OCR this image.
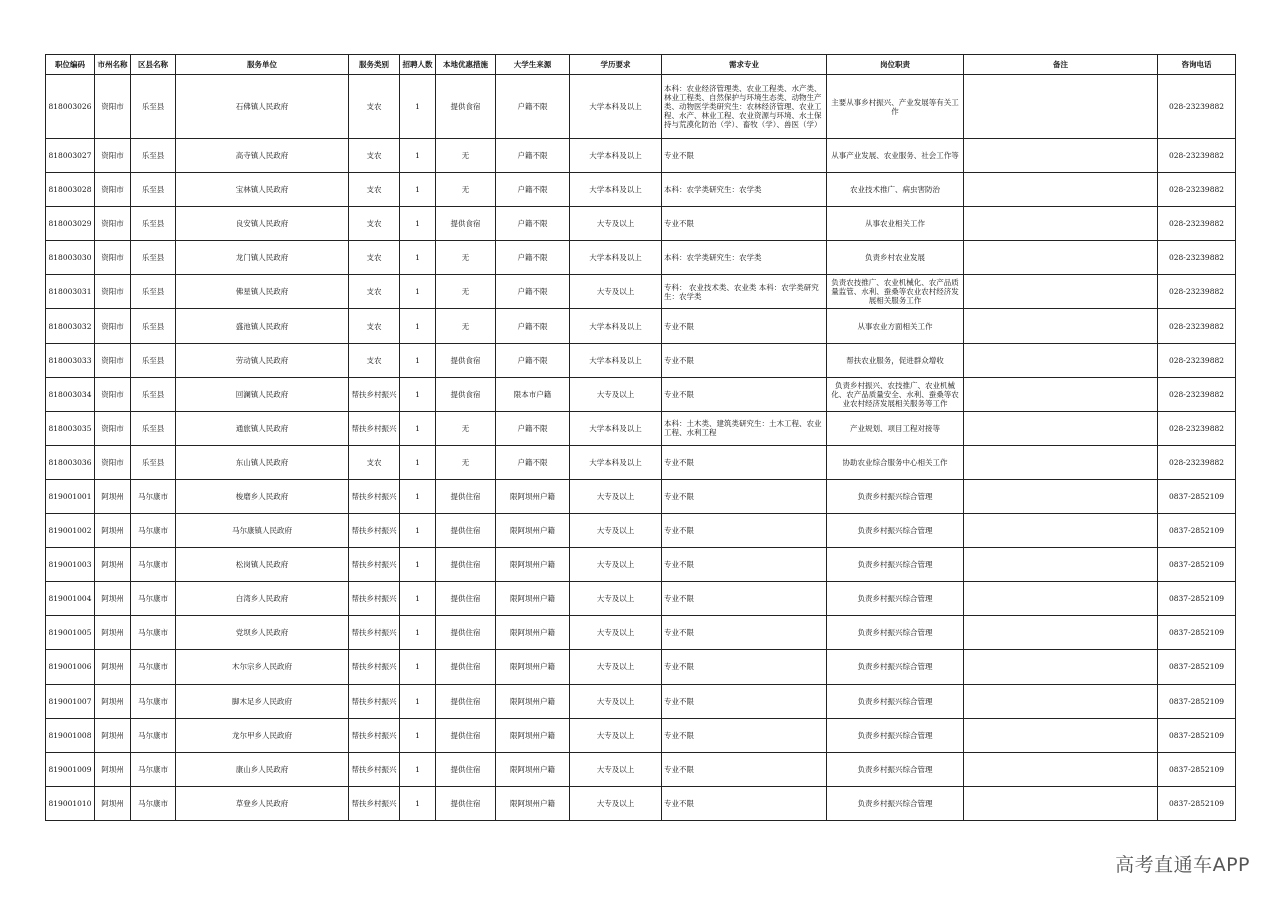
职位编码	市州名称	区县名称	服务单位	服务类别	招聘人数	本地优惠措施	大学生来源	学历要求	需求专业	岗位职责	备注	咨询电话
818003026	资阳市	乐至县	石佛镇人民政府	支农	1	提供食宿	户籍不限	大学本科及以上	本科：农业经济管理类、农业工程类、水产类、林业工程类、自然保护与环境生态类、动物生产类、动物医学类研究生：农林经济管理、农业工程、水产、林业工程、农业资源与环境、水土保持与荒漠化防治（学）、畜牧（学）、兽医（学）	主要从事乡村振兴、产业发展等有关工作		028-23239882
818003027	资阳市	乐至县	高寺镇人民政府	支农	1	无	户籍不限	大学本科及以上	专业不限	从事产业发展、农业服务、社会工作等		028-23239882
818003028	资阳市	乐至县	宝林镇人民政府	支农	1	无	户籍不限	大学本科及以上	本科：农学类研究生：农学类	农业技术推广、病虫害防治		028-23239882
818003029	资阳市	乐至县	良安镇人民政府	支农	1	提供食宿	户籍不限	大专及以上	专业不限	从事农业相关工作		028-23239882
818003030	资阳市	乐至县	龙门镇人民政府	支农	1	无	户籍不限	大学本科及以上	本科：农学类研究生：农学类	负责乡村农业发展		028-23239882
818003031	资阳市	乐至县	佛星镇人民政府	支农	1	无	户籍不限	大专及以上	专科： 农业技术类、农业类 本科：农学类研究生：农学类	负责农技推广、农业机械化、农产品质量监管、水利、蚕桑等农业农村经济发展相关服务工作		028-23239882
818003032	资阳市	乐至县	盛池镇人民政府	支农	1	无	户籍不限	大学本科及以上	专业不限	从事农业方面相关工作		028-23239882
818003033	资阳市	乐至县	劳动镇人民政府	支农	1	提供食宿	户籍不限	大学本科及以上	专业不限	帮扶农业服务，促进群众增收		028-23239882
818003034	资阳市	乐至县	回澜镇人民政府	帮扶乡村振兴	1	提供食宿	限本市户籍	大专及以上	专业不限	负责乡村振兴、农技推广、农业机械化、农产品质量安全、水利、蚕桑等农业农村经济发展相关服务等工作		028-23239882
818003035	资阳市	乐至县	通旅镇人民政府	帮扶乡村振兴	1	无	户籍不限	大学本科及以上	本科：土木类、建筑类研究生：土木工程、农业工程、水利工程	产业规划、项目工程对接等		028-23239882
818003036	资阳市	乐至县	东山镇人民政府	支农	1	无	户籍不限	大学本科及以上	专业不限	协助农业综合服务中心相关工作		028-23239882
819001001	阿坝州	马尔康市	梭磨乡人民政府	帮扶乡村振兴	1	提供住宿	限阿坝州户籍	大专及以上	专业不限	负责乡村振兴综合管理		0837-2852109
819001002	阿坝州	马尔康市	马尔康镇人民政府	帮扶乡村振兴	1	提供住宿	限阿坝州户籍	大专及以上	专业不限	负责乡村振兴综合管理		0837-2852109
819001003	阿坝州	马尔康市	松岗镇人民政府	帮扶乡村振兴	1	提供住宿	限阿坝州户籍	大专及以上	专业不限	负责乡村振兴综合管理		0837-2852109
819001004	阿坝州	马尔康市	白湾乡人民政府	帮扶乡村振兴	1	提供住宿	限阿坝州户籍	大专及以上	专业不限	负责乡村振兴综合管理		0837-2852109
819001005	阿坝州	马尔康市	党坝乡人民政府	帮扶乡村振兴	1	提供住宿	限阿坝州户籍	大专及以上	专业不限	负责乡村振兴综合管理		0837-2852109
819001006	阿坝州	马尔康市	木尔宗乡人民政府	帮扶乡村振兴	1	提供住宿	限阿坝州户籍	大专及以上	专业不限	负责乡村振兴综合管理		0837-2852109
819001007	阿坝州	马尔康市	脚木足乡人民政府	帮扶乡村振兴	1	提供住宿	限阿坝州户籍	大专及以上	专业不限	负责乡村振兴综合管理		0837-2852109
819001008	阿坝州	马尔康市	龙尔甲乡人民政府	帮扶乡村振兴	1	提供住宿	限阿坝州户籍	大专及以上	专业不限	负责乡村振兴综合管理		0837-2852109
819001009	阿坝州	马尔康市	康山乡人民政府	帮扶乡村振兴	1	提供住宿	限阿坝州户籍	大专及以上	专业不限	负责乡村振兴综合管理		0837-2852109
819001010	阿坝州	马尔康市	草登乡人民政府	帮扶乡村振兴	1	提供住宿	限阿坝州户籍	大专及以上	专业不限	负责乡村振兴综合管理		0837-2852109
高考直通车APP
